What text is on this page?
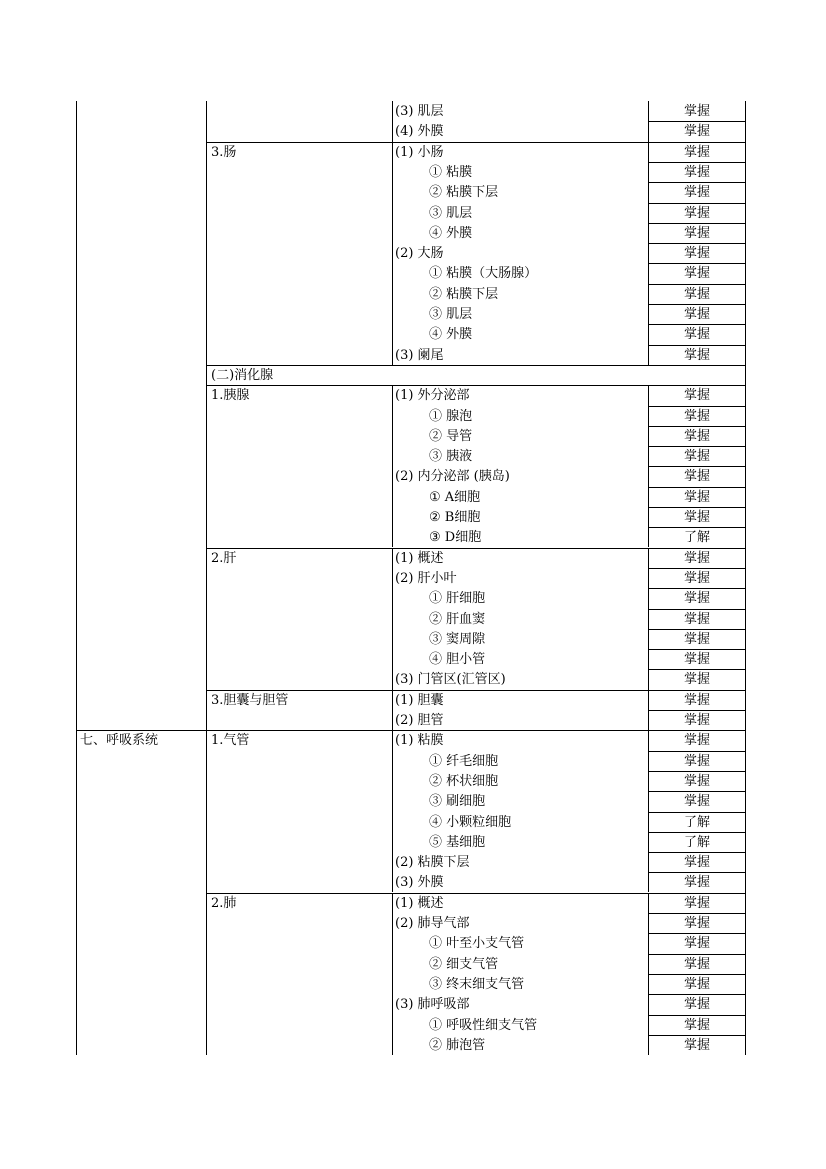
(3) 肌层	掌握
(4) 外膜	掌握
3.肠	(1) 小肠	掌握
① 粘膜	掌握
② 粘膜下层	掌握
③ 肌层	掌握
④ 外膜	掌握
(2) 大肠	掌握
① 粘膜（大肠腺）	掌握
② 粘膜下层	掌握
③ 肌层	掌握
④ 外膜	掌握
(3) 阑尾	掌握
(二)消化腺
1.胰腺	(1) 外分泌部	掌握
① 腺泡	掌握
② 导管	掌握
③ 胰液	掌握
(2) 内分泌部 (胰岛)	掌握
① A细胞	掌握
② B细胞	掌握
③ D细胞	了解
2.肝	(1) 概述	掌握
(2) 肝小叶	掌握
① 肝细胞	掌握
② 肝血窦	掌握
③ 窦周隙	掌握
④ 胆小管	掌握
(3) 门管区(汇管区)	掌握
3.胆囊与胆管	(1) 胆囊	掌握
(2) 胆管	掌握
七、呼吸系统	1.气管	(1) 粘膜	掌握
① 纤毛细胞	掌握
② 杯状细胞	掌握
③ 刷细胞	掌握
④ 小颗粒细胞	了解
⑤ 基细胞	了解
(2) 粘膜下层	掌握
(3) 外膜	掌握
2.肺	(1) 概述	掌握
(2) 肺导气部	掌握
① 叶至小支气管	掌握
② 细支气管	掌握
③ 终末细支气管	掌握
(3) 肺呼吸部	掌握
① 呼吸性细支气管	掌握
② 肺泡管	掌握
